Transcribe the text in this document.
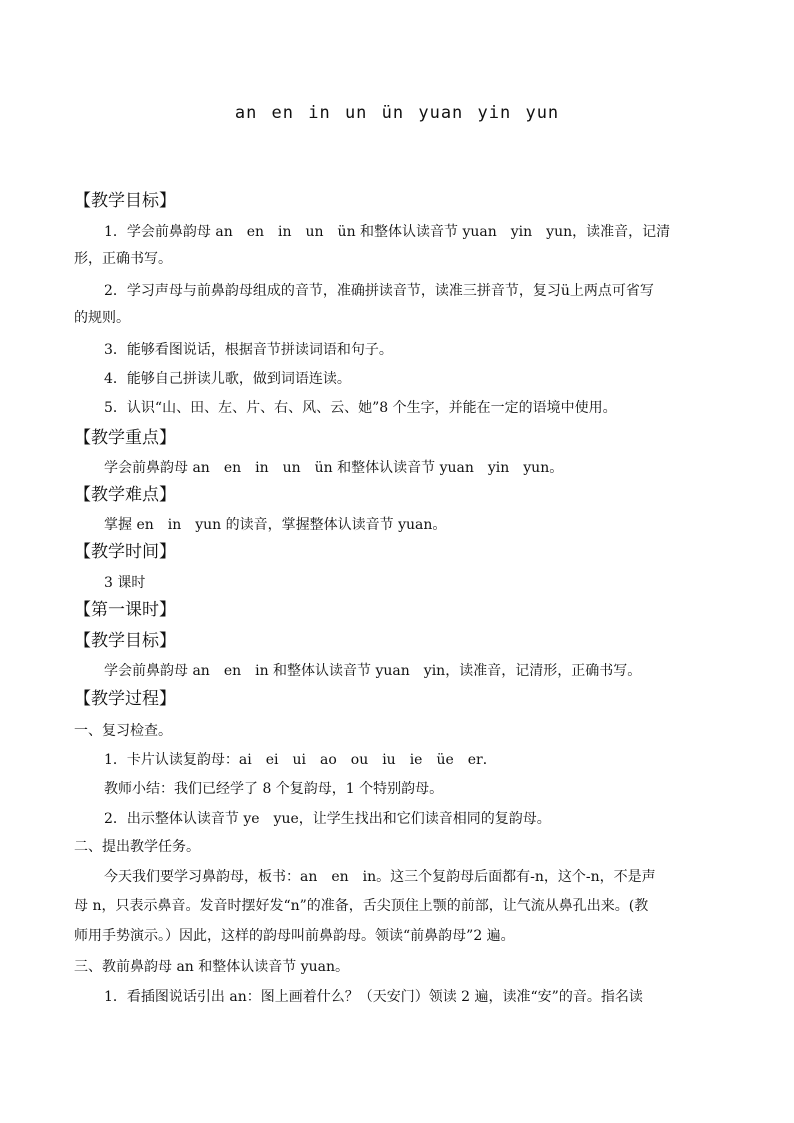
an en in un ün yuan yin yun
【教学目标】
1．学会前鼻韵母 an　en　in　un　ün 和整体认读音节 yuan　yin　yun，读准音，记清
形，正确书写。
2．学习声母与前鼻韵母组成的音节，准确拼读音节，读准三拼音节，复习ü上两点可省写
的规则。
3．能够看图说话，根据音节拼读词语和句子。
4．能够自己拼读儿歌，做到词语连读。
5．认识“山、田、左、片、右、风、云、她”8 个生字，并能在一定的语境中使用。
【教学重点】
学会前鼻韵母 an　en　in　un　ün 和整体认读音节 yuan　yin　yun。
【教学难点】
掌握 en　in　yun 的读音，掌握整体认读音节 yuan。
【教学时间】
3 课时
【第一课时】
【教学目标】
学会前鼻韵母 an　en　in 和整体认读音节 yuan　yin，读准音，记清形，正确书写。
【教学过程】
一、复习检查。
1．卡片认读复韵母：ai　ei　ui　ao　ou　iu　ie　üe　er．
教师小结：我们已经学了 8 个复韵母，1 个特别韵母。
2．出示整体认读音节 ye　yue，让学生找出和它们读音相同的复韵母。
二、提出教学任务。
今天我们要学习鼻韵母，板书：an　en　in。这三个复韵母后面都有-n，这个-n，不是声
母 n，只表示鼻音。发音时摆好发“n”的准备，舌尖顶住上颚的前部，让气流从鼻孔出来。(教
师用手势演示。）因此，这样的韵母叫前鼻韵母。领读“前鼻韵母”2 遍。
三、教前鼻韵母 an 和整体认读音节 yuan。
1．看插图说话引出 an：图上画着什么？（天安门）领读 2 遍，读准“安”的音。指名读
